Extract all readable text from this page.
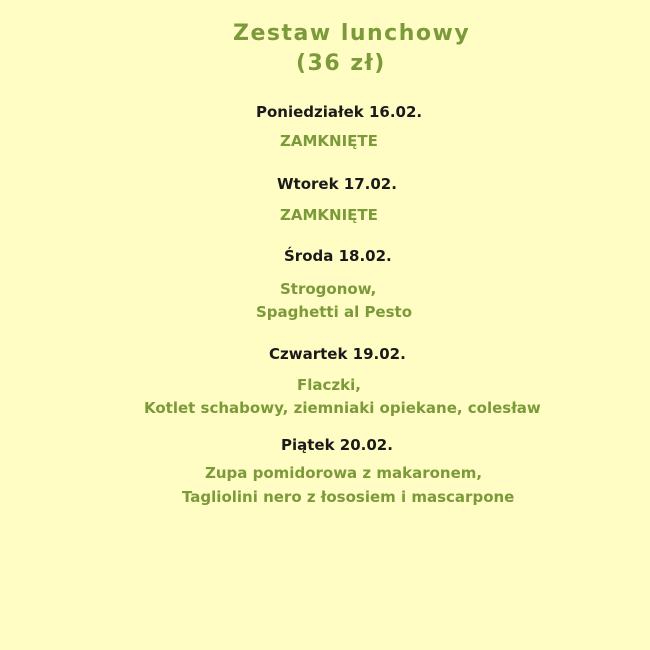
Zestaw lunchowy
(36 zł)
Poniedziałek 16.02.
ZAMKNIĘTE
Wtorek 17.02.
ZAMKNIĘTE
Środa 18.02.
Strogonow,
Spaghetti al Pesto
Czwartek 19.02.
Flaczki,
Kotlet schabowy, ziemniaki opiekane, colesław
Piątek 20.02.
Zupa pomidorowa z makaronem,
Tagliolini nero z łososiem i mascarpone
